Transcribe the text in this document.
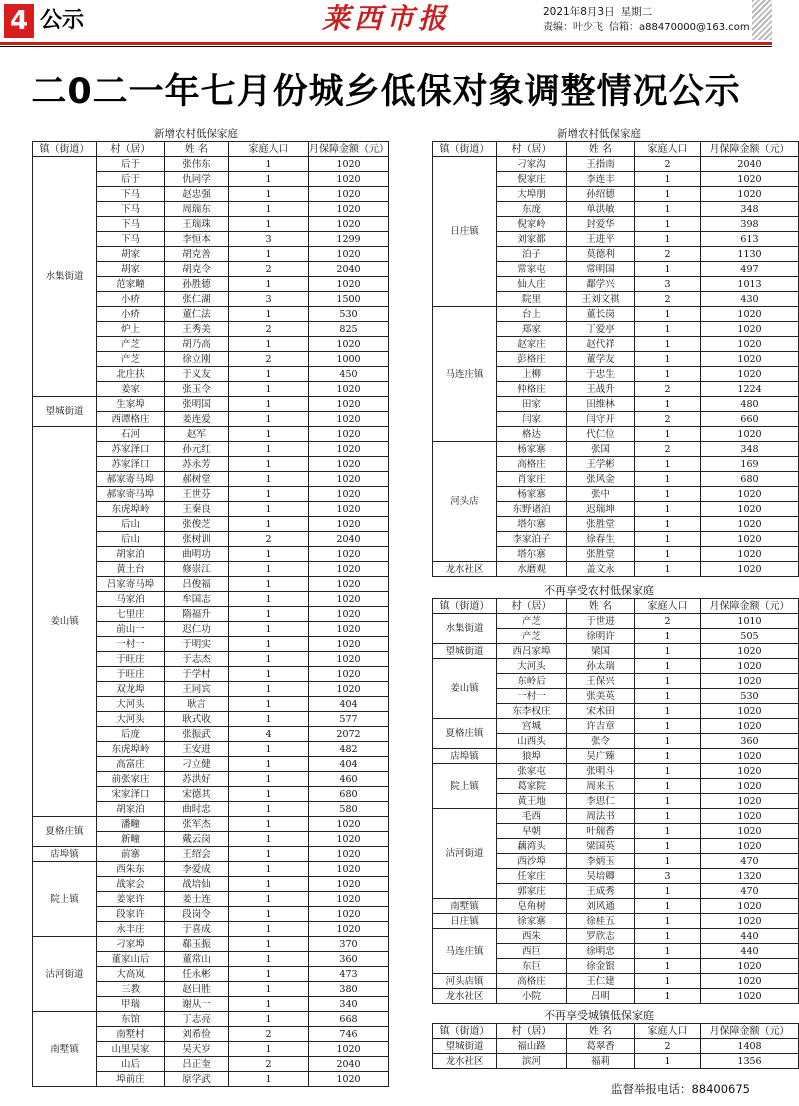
4 公示	莱西市报	2021年8月3日 星期二
责编：叶少飞 信箱：a88470000@163.com
二0二一年七月份城乡低保对象调整情况公示
新增农村低保家庭	新增农村低保家庭
不再享受农村低保家庭
不再享受城镇低保家庭
镇（街道）	村（居）	姓 名	家庭人口	月保障金额（元）
水集街道	后于	张伟东	1	1020
	后于	仇同学	1	1020
	下马	赵忠强	1	1020
	下马	周瑞东	1	1020
	下马	王瑞珠	1	1020
	下马	李恒本	3	1299
	胡家	胡克善	1	1020
	胡家	胡克令	2	2040
	范家疃	孙胜德	1	1020
	小疥	张仁湖	3	1500
	小疥	董仁法	1	530
	炉上	王秀美	2	825
	产芝	胡乃高	1	1020
	产芝	徐立刚	2	1000
	北庄扶	于义友	1	450
	姜家	张玉令	1	1020
望城街道	生家埠	张明国	1	1020
	西谭格庄	姜连爱	1	1020
姜山镇	石河	赵军	1	1020
	苏家泽口	孙元红	1	1020
	苏家泽口	苏永芳	1	1020
	郝家寄马埠	郝树堂	1	1020
	郝家寄马埠	王世芬	1	1020
	东虎埠岭	王秦良	1	1020
	后山	张俊芝	1	1020
	后山	张树训	2	2040
	胡家泊	曲明功	1	1020
	黄土台	修崇江	1	1020
	吕家寄马埠	吕俊福	1	1020
	马家泊	牟国志	1	1020
	七里庄	隋福升	1	1020
	前山一	迟仁功	1	1020
	一村一	于明实	1	1020
	于旺庄	于志杰	1	1020
	于旺庄	于学村	1	1020
	双龙埠	王同宾	1	1020
	大河头	耿言	1	404
	大河头	耿式收	1	577
	后庞	张振武	4	2072
	东虎埠岭	王安进	1	482
	高富庄	刁立健	1	404
	前张家庄	苏洪好	1	460
	宋家泽口	宋德其	1	680
	胡家泊	曲时忠	1	580
夏格庄镇	潘疃	张军杰	1	1020
	新疃	戴云岗	1	1020
店埠镇	前寨	王绍会	1	1020
院上镇	西朱东	李爱成	1	1020
	战家会	战培仙	1	1020
	姜家许	姜士连	1	1020
	段家许	段岗令	1	1020
	永丰庄	于喜成	1	1020
沽河街道	刁家埠	郗玉振	1	370
	董家山后	董常山	1	360
	大高岚	任永彬	1	473
	三教	赵曰胜	1	380
	甲瑞	谢从一	1	340
南墅镇	东馆	丁志亮	1	668
	南墅村	刘希俭	2	746
	山里吴家	吴天岁	1	1020
	山后	吕正奎	2	2040
	埠前庄	原学武	1	1020
镇（街道）	村（居）	姓 名	家庭人口	月保障金额（元）
日庄镇	刁家沟	王指南	2	2040
	倪家庄	李连丰	1	1020
	大埠朋	孙绍德	1	1020
	东庞	单洪敏	1	348
	倪家岭	封爱华	1	398
	刘家都	王进平	1	613
	泊子	莫德利	2	1130
	常家屯	常明国	1	497
	仙人庄	鄱学兴	3	1013
	院里	王刘文祺	2	430
马连庄镇	台上	董长岗	1	1020
	郑家	丁爱亭	1	1020
	赵家庄	赵代祥	1	1020
	彭格庄	董学友	1	1020
	上柳	于忠生	1	1020
	仲格庄	王战升	2	1224
	田家	田维林	1	480
	闫家	闫守开	2	660
	格达	代仁位	1	1020
河头店	杨家寨	张国	2	348
	高格庄	王学彬	1	169
	肖家庄	张风金	1	680
	杨家寨	张中	1	1020
	东野诸泊	迟瑞坤	1	1020
	塔尔寨	张胜堂	1	1020
	李家泊子	徐春生	1	1020
	塔尔寨	张胜堂	1	1020
龙水社区	水磨观	盖文永	1	1020
镇（街道）	村（居）	姓 名	家庭人口	月保障金额（元）
水集街道	产芝	于世进	2	1010
	产芝	徐明许	1	505
望城街道	西吕家埠	梁国	1	1020
姜山镇	大河头	孙太瑞	1	1020
	东岭后	王保兴	1	1020
	一村一	张美英	1	530
	东李权庄	宋术田	1	1020
夏格庄镇	宫城	许吉章	1	1020
	山西头	张令	1	360
店埠镇	狼埠	吴广臻	1	1020
院上镇	张家屯	张明斗	1	1020
	葛家院	周来玉	1	1020
	黄王地	李思仁	1	1020
沽河街道	毛西	周法书	1	1020
	早朝	叶瑞香	1	1020
	藕湾头	梁国英	1	1020
	西沙埠	李炳玉	1	470
	任家庄	吴培卿	3	1320
	郭家庄	王成秀	1	470
南墅镇	皂角树	刘风通	1	1020
日庄镇	徐家寨	徐桂五	1	1020
马连庄镇	西朱	罗欣志	1	440
	西巨	徐明忠	1	440
	东巨	徐金银	1	1020
河头店镇	高格庄	王仁建	1	1020
龙水社区	小院	吕明	1	1020
镇（街道）	村（居）	姓 名	家庭人口	月保障金额（元）
望城街道	福山路	葛翠香	2	1408
龙水社区	滨河	福莉	1	1356
监督举报电话：88400675
